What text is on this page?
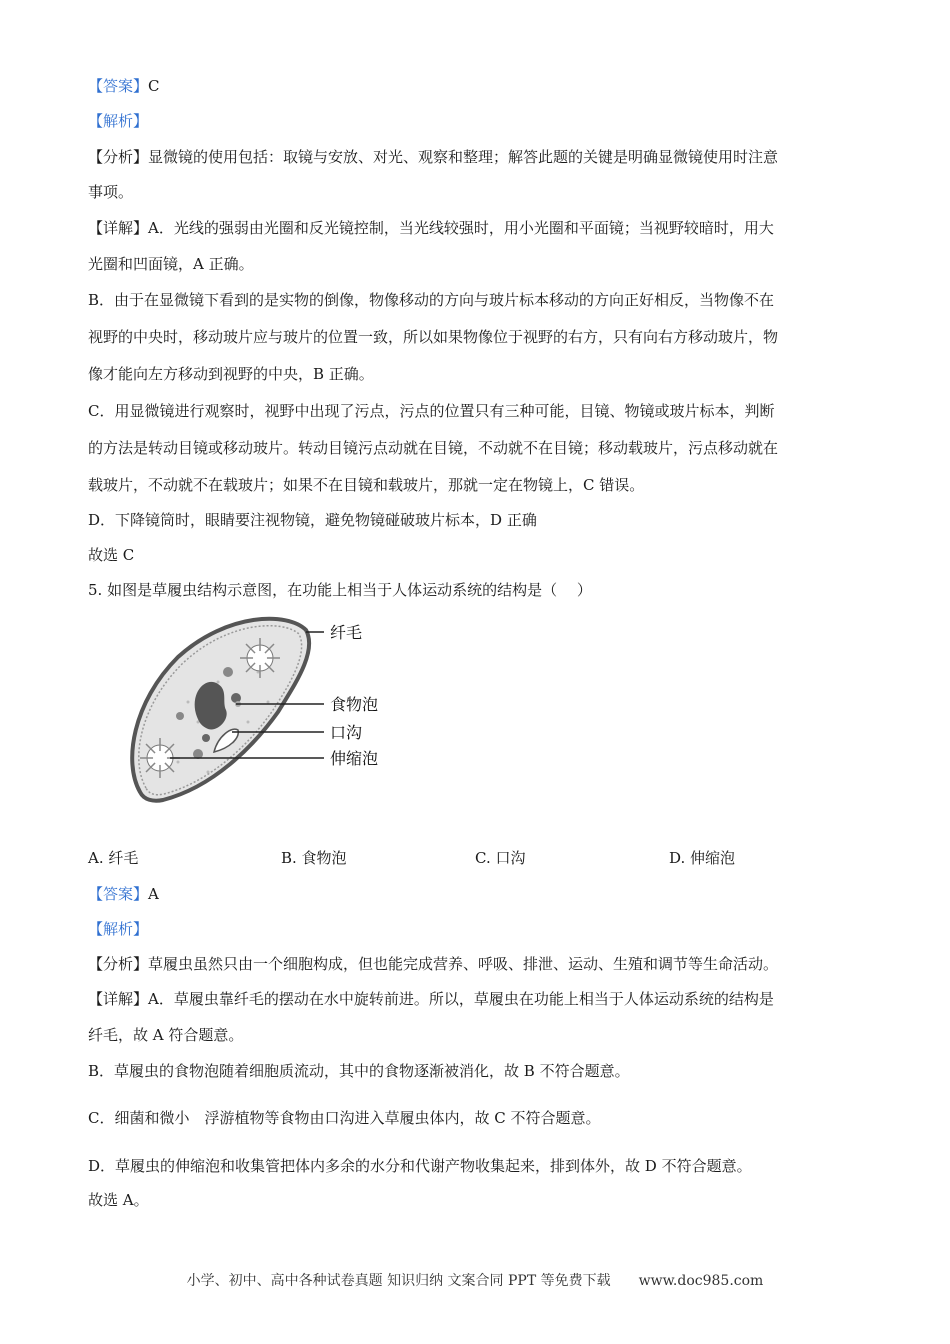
【答案】C
【解析】
【分析】显微镜的使用包括：取镜与安放、对光、观察和整理；解答此题的关键是明确显微镜使用时注意
事项。
【详解】A．光线的强弱由光圈和反光镜控制，当光线较强时，用小光圈和平面镜；当视野较暗时，用大
光圈和凹面镜，A 正确。
B．由于在显微镜下看到的是实物的倒像，物像移动的方向与玻片标本移动的方向正好相反，当物像不在
视野的中央时，移动玻片应与玻片的位置一致，所以如果物像位于视野的右方，只有向右方移动玻片，物
像才能向左方移动到视野的中央，B 正确。
C．用显微镜进行观察时，视野中出现了污点，污点的位置只有三种可能，目镜、物镜或玻片标本，判断
的方法是转动目镜或移动玻片。转动目镜污点动就在目镜，不动就不在目镜；移动载玻片，污点移动就在
载玻片，不动就不在载玻片；如果不在目镜和载玻片，那就一定在物镜上，C 错误。
D．下降镜筒时，眼睛要注视物镜，避免物镜碰破玻片标本，D 正确
故选 C
5. 如图是草履虫结构示意图，在功能上相当于人体运动系统的结构是（　 ）
纤毛
食物泡
口沟
伸缩泡
A. 纤毛	B. 食物泡	C. 口沟	D. 伸缩泡
【答案】A
【解析】
【分析】草履虫虽然只由一个细胞构成，但也能完成营养、呼吸、排泄、运动、生殖和调节等生命活动。
【详解】A．草履虫靠纤毛的摆动在水中旋转前进。所以，草履虫在功能上相当于人体运动系统的结构是
纤毛，故 A 符合题意。
B．草履虫的食物泡随着细胞质流动，其中的食物逐渐被消化，故 B 不符合题意。
C．细菌和微小　浮游植物等食物由口沟进入草履虫体内，故 C 不符合题意。
D．草履虫的伸缩泡和收集管把体内多余的水分和代谢产物收集起来，排到体外，故 D 不符合题意。
故选 A。
小学、初中、高中各种试卷真题 知识归纳 文案合同 PPT 等免费下载 www.doc985.com
